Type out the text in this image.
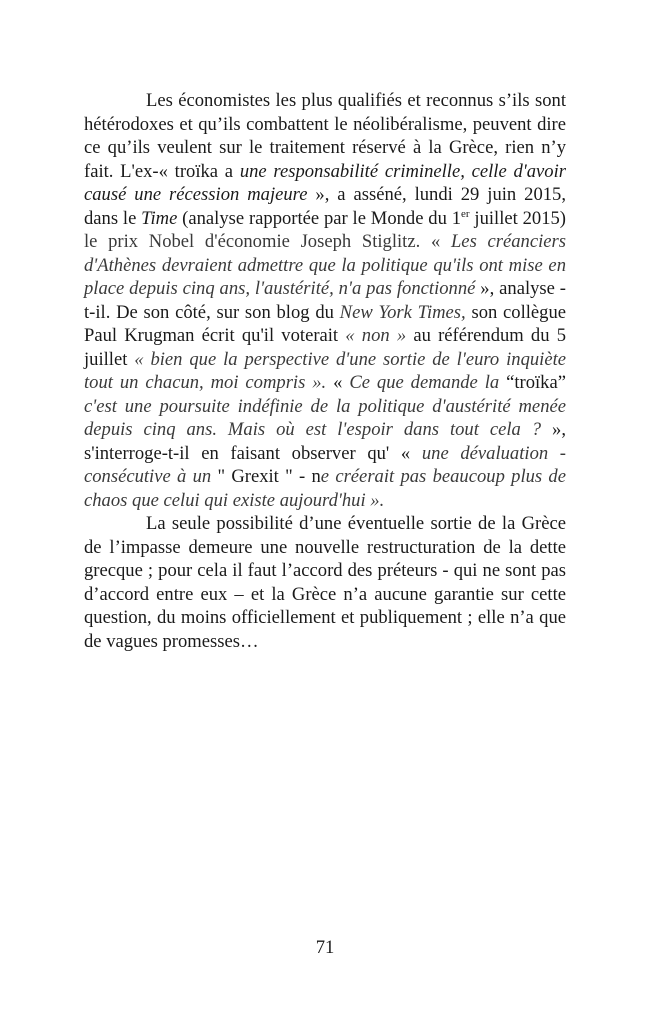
Les économistes les plus qualifiés et reconnus s’ils sont hétérodoxes et qu’ils combattent le néolibéralisme, peuvent dire ce qu’ils veulent sur le traitement réservé à la Grèce, rien n’y fait. L'ex-« troïka a une responsabilité criminelle, celle d'avoir causé une récession majeure », a asséné, lundi 29 juin 2015, dans le Time (analyse rapportée par le Monde du 1er juillet 2015) le prix Nobel d'économie Joseph Stiglitz. « Les créanciers d'Athènes devraient admettre que la politique qu'ils ont mise en place depuis cinq ans, l'austérité, n'a pas fonctionné », analyse -t-il. De son côté, sur son blog du New York Times, son collègue Paul Krugman écrit qu'il voterait « non » au référendum du 5 juillet « bien que la perspective d'une sortie de l'euro inquiète tout un chacun, moi compris ». « Ce que demande la “troïka” c'est une poursuite indéfinie de la politique d'austérité menée depuis cinq ans. Mais où est l'espoir dans tout cela ? », s'interroge-t-il en faisant observer qu' « une dévaluation - consécutive à un " Grexit " - ne créerait pas beaucoup plus de chaos que celui qui existe aujourd'hui ».

La seule possibilité d’une éventuelle sortie de la Grèce de l’impasse demeure une nouvelle restructuration de la dette grecque ; pour cela il faut l’accord des préteurs - qui ne sont pas d’accord entre eux – et la Grèce n’a aucune garantie sur cette question, du moins officiellement et publiquement ; elle n’a que de vagues promesses…

71
